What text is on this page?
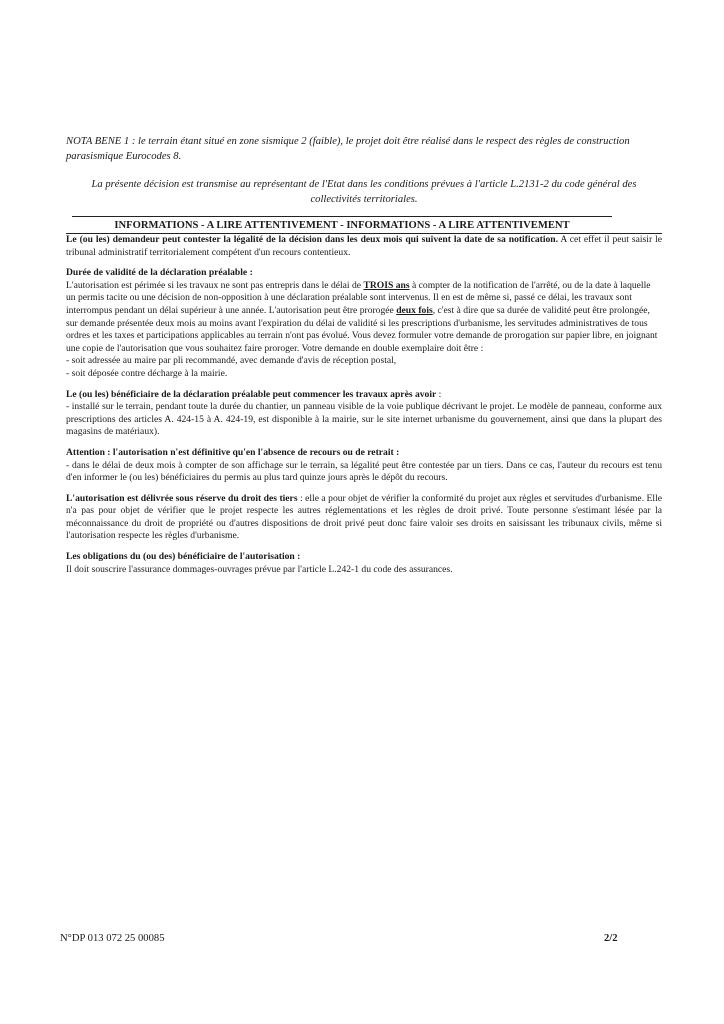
NOTA BENE 1 : le terrain étant situé en zone sismique 2 (faible), le projet doit être réalisé dans le respect des règles de construction parasismique Eurocodes 8.
La présente décision est transmise au représentant de l'Etat dans les conditions prévues à l'article L.2131-2 du code général des collectivités territoriales.
INFORMATIONS - A LIRE ATTENTIVEMENT - INFORMATIONS - A LIRE ATTENTIVEMENT

Le (ou les) demandeur peut contester la légalité de la décision dans les deux mois qui suivent la date de sa notification. A cet effet il peut saisir le tribunal administratif territorialement compétent d'un recours contentieux.

Durée de validité de la déclaration préalable :
L'autorisation est périmée si les travaux ne sont pas entrepris dans le délai de TROIS ans à compter de la notification de l'arrêté, ou de la date à laquelle un permis tacite ou une décision de non-opposition à une déclaration préalable sont intervenus. Il en est de même si, passé ce délai, les travaux sont interrompus pendant un délai supérieur à une année. L'autorisation peut être prorogée deux fois, c'est à dire que sa durée de validité peut être prolongée, sur demande présentée deux mois au moins avant l'expiration du délai de validité si les prescriptions d'urbanisme, les servitudes administratives de tous ordres et les taxes et participations applicables au terrain n'ont pas évolué. Vous devez formuler votre demande de prorogation sur papier libre, en joignant une copie de l'autorisation que vous souhaitez faire proroger. Votre demande en double exemplaire doit être :
- soit adressée au maire par pli recommandé, avec demande d'avis de réception postal,
- soit déposée contre décharge à la mairie.

Le (ou les) bénéficiaire de la déclaration préalable peut commencer les travaux après avoir :
- installé sur le terrain, pendant toute la durée du chantier, un panneau visible de la voie publique décrivant le projet. Le modèle de panneau, conforme aux prescriptions des articles A. 424-15 à A. 424-19, est disponible à la mairie, sur le site internet urbanisme du gouvernement, ainsi que dans la plupart des magasins de matériaux).

Attention : l'autorisation n'est définitive qu'en l'absence de recours ou de retrait :
- dans le délai de deux mois à compter de son affichage sur le terrain, sa légalité peut être contestée par un tiers. Dans ce cas, l'auteur du recours est tenu d'en informer le (ou les) bénéficiaires du permis au plus tard quinze jours après le dépôt du recours.

L'autorisation est délivrée sous réserve du droit des tiers : elle a pour objet de vérifier la conformité du projet aux règles et servitudes d'urbanisme. Elle n'a pas pour objet de vérifier que le projet respecte les autres réglementations et les règles de droit privé. Toute personne s'estimant lésée par la méconnaissance du droit de propriété ou d'autres dispositions de droit privé peut donc faire valoir ses droits en saisissant les tribunaux civils, même si l'autorisation respecte les règles d'urbanisme.

Les obligations du (ou des) bénéficiaire de l'autorisation :
Il doit souscrire l'assurance dommages-ouvrages prévue par l'article L.242-1 du code des assurances.

N°DP 013 072 25 00085	2/2
